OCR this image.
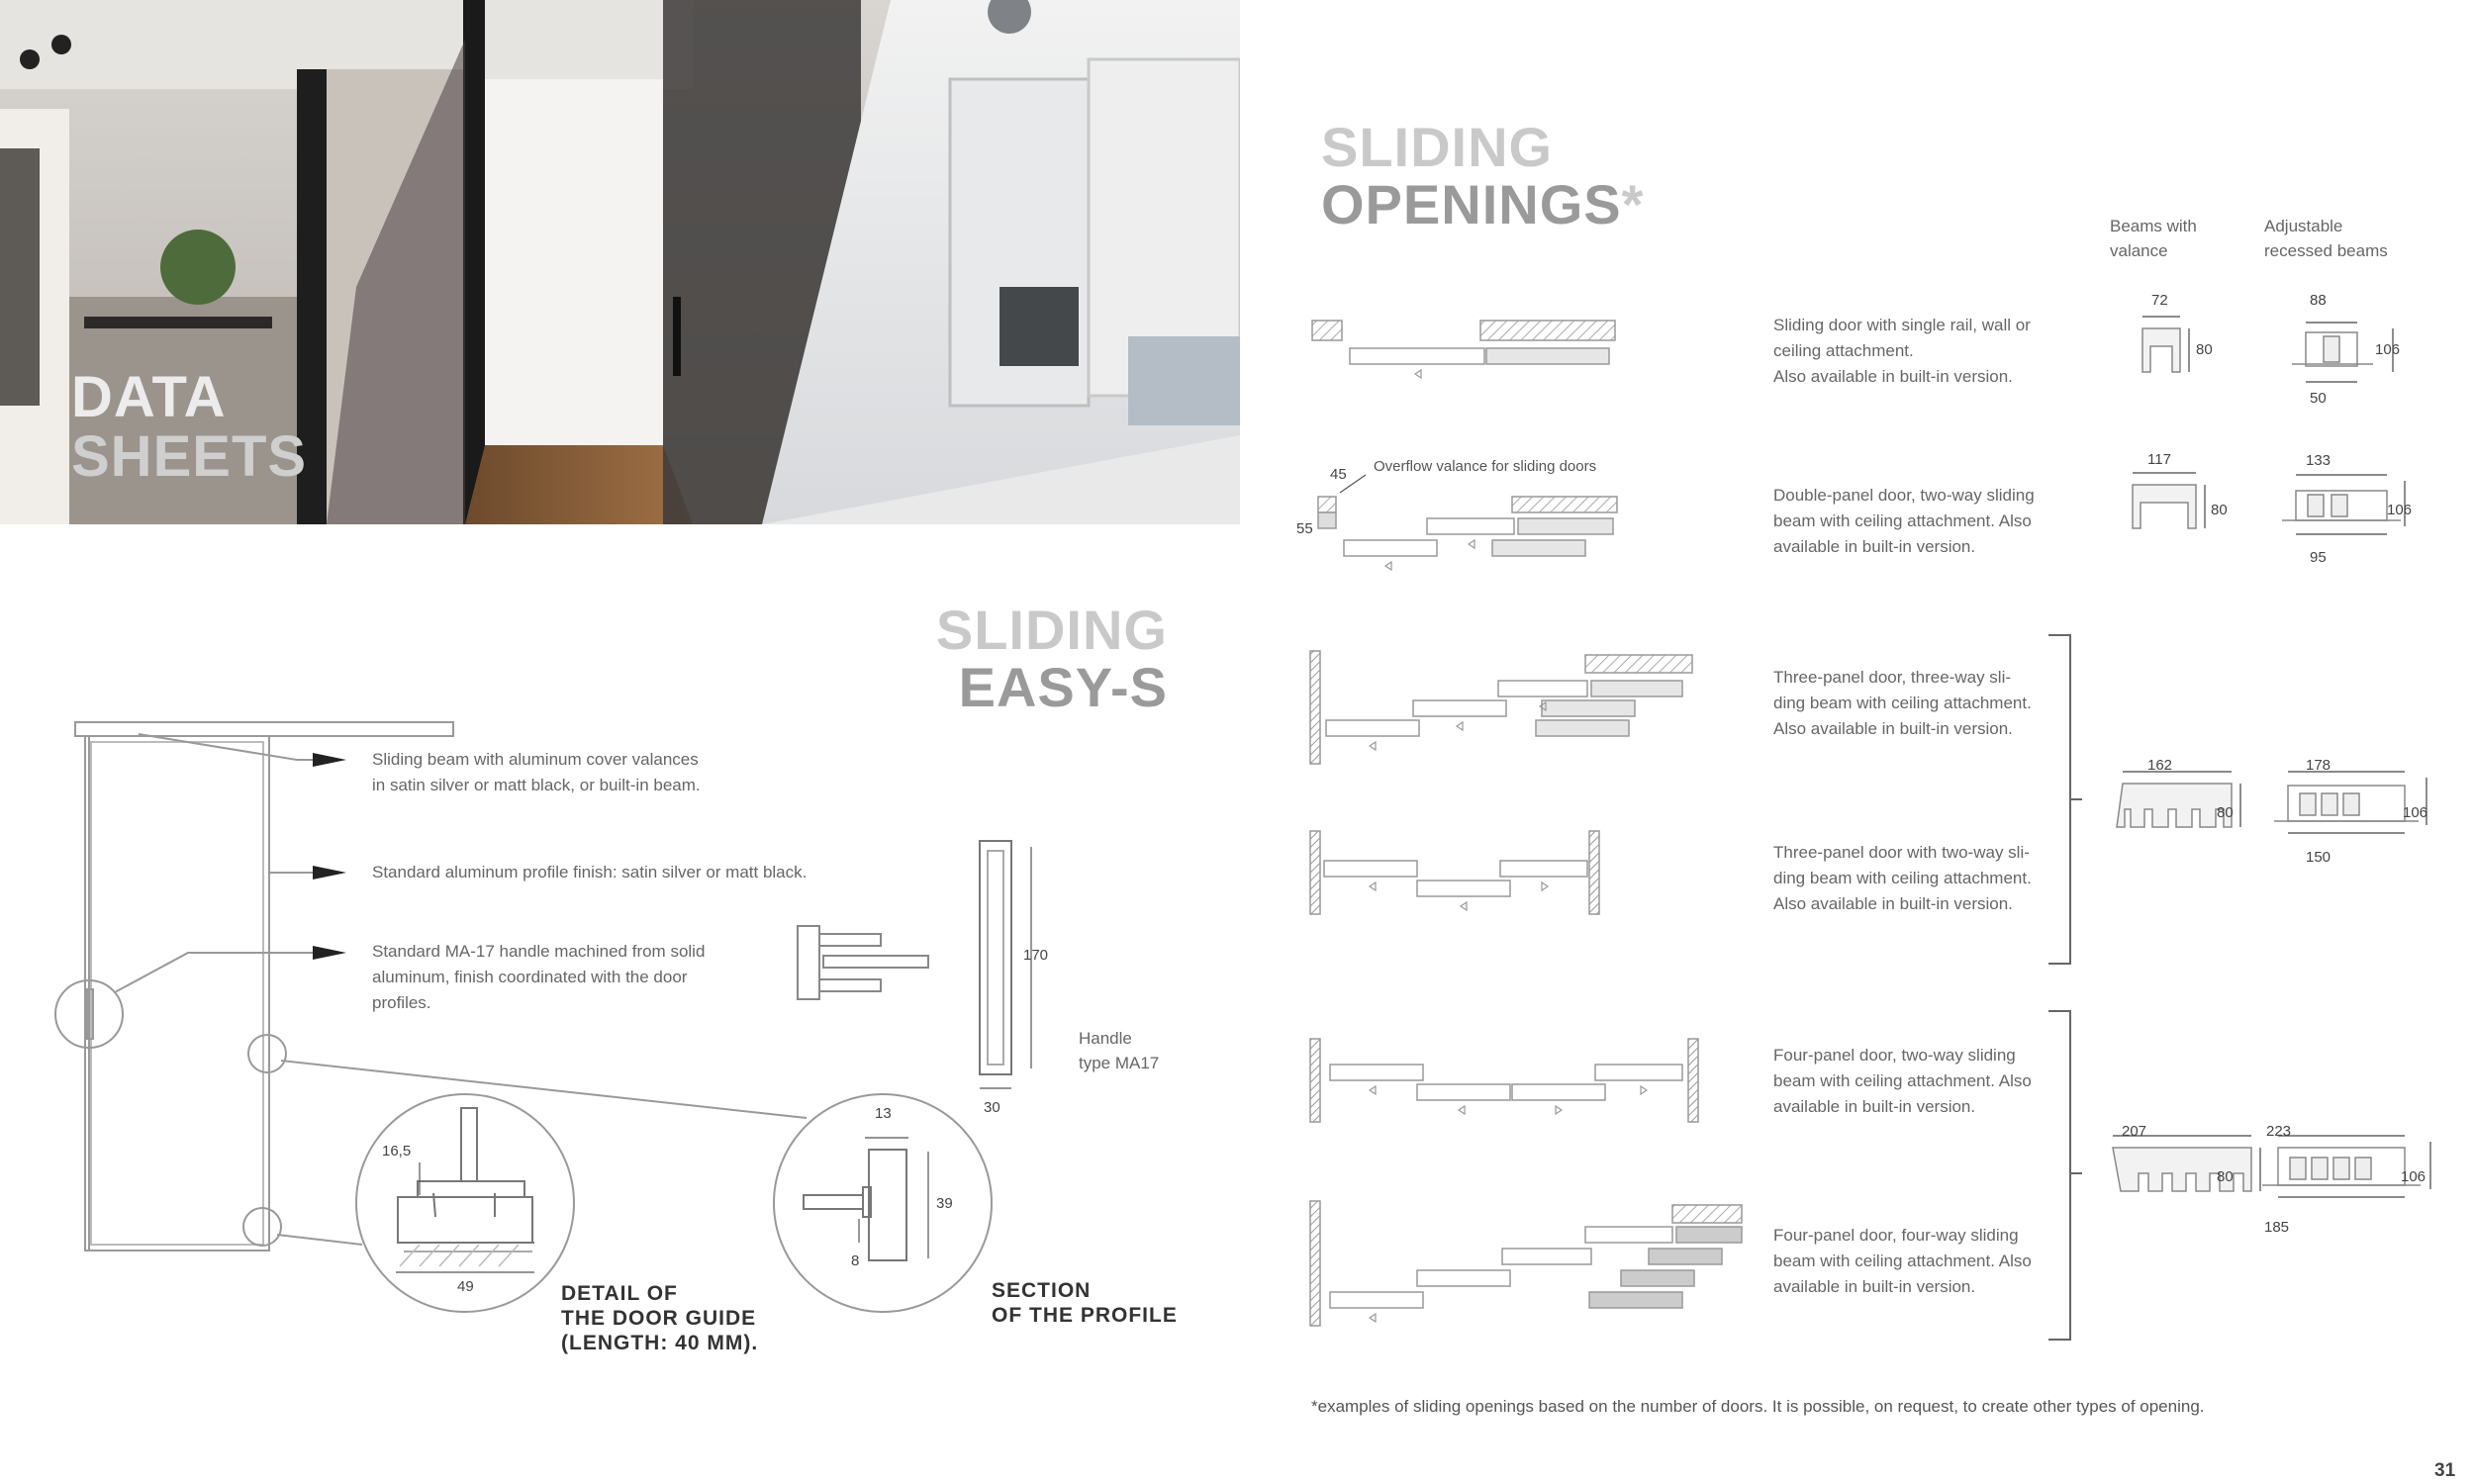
DATA
SHEETS
SLIDING
EASY-S
Sliding beam with aluminum cover valances
in satin silver or matt black, or built-in beam.
Standard aluminum profile finish: satin silver or matt black.
Standard MA-17 handle machined from solid
aluminum, finish coordinated with the door
profiles.
Handle
type MA17
170
30
16,5
49
13
39
8
DETAIL OF
THE DOOR GUIDE
(LENGTH: 40 MM).
SECTION
OF THE PROFILE
SLIDING
OPENINGS*	Beams with
valance
Adjustable
recessed beams
Overflow valance for sliding doors
45
55
Sliding door with single rail, wall or
ceiling attachment.
Also available in built-in version.
Double-panel door, two-way sliding
beam with ceiling attachment. Also
available in built-in version.
Three-panel door, three-way sli-
ding beam with ceiling attachment.
Also available in built-in version.
Three-panel door with two-way sli-
ding beam with ceiling attachment.
Also available in built-in version.
Four-panel door, two-way sliding
beam with ceiling attachment. Also
available in built-in version.
Four-panel door, four-way sliding
beam with ceiling attachment. Also
available in built-in version.
72
80
88
106
50
117
80
133
106
95
162
80
178
106
150
207
80
223
106
185
*examples of sliding openings based on the number of doors. It is possible, on request, to create other types of opening.
31
